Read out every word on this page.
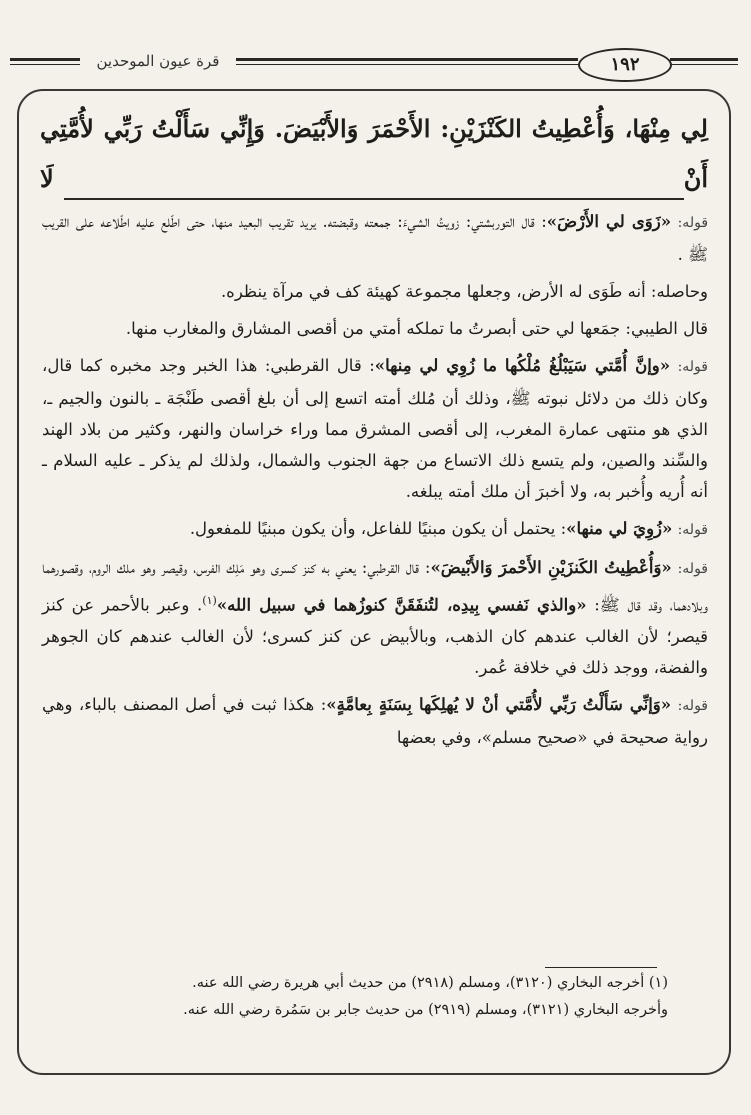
قرة عيون الموحدين	١٩٢
لِي مِنْهَا، وَأُعْطِيتُ الكَنْزَيْنِ: الأَحْمَرَ وَالأَبْيَضَ. وَإِنِّي سَأَلْتُ رَبِّي لأُمَّتِي أَنْ لَا

قوله: «زَوَى لي الأَرْضَ»: قال التوربشتي: زويتُ الشيءَ: جمعته وقبضته. يريد تقريب البعيد منها، حتى اطّلع عليه اطّلاعه على القريب ﷺ .

وحاصله: أنه طَوَى له الأرض، وجعلها مجموعة كهيئة كف في مرآة ينظره.

قال الطيبي: جمَعها لي حتى أبصرتُ ما تملكه أمتي من أقصى المشارق والمغارب منها.

قوله: «وإنَّ أُمَّتي سَيَبْلُغُ مُلْكُها ما زُوِي لي مِنها»: قال القرطبي: هذا الخبر وجد مخبره كما قال، وكان ذلك من دلائل نبوته ﷺ، وذلك أن مُلك أمته اتسع إلى أن بلغ أقصى طَنْجَة ـ بالنون والجيم ـ، الذي هو منتهى عمارة المغرب، إلى أقصى المشرق مما وراء خراسان والنهر، وكثير من بلاد الهند والسِّند والصين، ولم يتسع ذلك الاتساع من جهة الجنوب والشمال، ولذلك لم يذكر ـ عليه السلام ـ أنه أُريه وأُخبر به، ولا أخبرَ أن ملك أمته يبلغه.

قوله: «زُوِيَ لي منها»: يحتمل أن يكون مبنيًا للفاعل، وأن يكون مبنيًا للمفعول.

قوله: «وَأُعْطِيتُ الكَنزَيْنِ الأَحْمرَ وَالأَبْيضَ»: قال القرطبي: يعني به كنز كسرى وهو مَلِك الفرس، وقيصر وهو ملك الروم، وقصورهما وبلادهما، وقد قال ﷺ: «والذي نَفسي بِيدِه، لتُنفَقَنَّ كنوزُهما في سبيل الله»$^{(١)}$. وعبر بالأحمر عن كنز قيصر؛ لأن الغالب عندهم كان الذهب، وبالأبيض عن كنز كسرى؛ لأن الغالب عندهم كان الجوهر والفضة، ووجد ذلك في خلافة عُمر.

قوله: «وَإنِّي سَأَلْتُ رَبِّي لأُمَّتي أنْ لا يُهلِكَها بِسَنَةٍ بِعامَّةٍ»: هكذا ثبت في أصل المصنف بالباء، وهي رواية صحيحة في «صحيح مسلم»، وفي بعضها

(١) أخرجه البخاري (٣١٢٠)، ومسلم (٢٩١٨) من حديث أبي هريرة رضي الله عنه.

وأخرجه البخاري (٣١٢١)، ومسلم (٢٩١٩) من حديث جابر بن سَمُرة رضي الله عنه.
